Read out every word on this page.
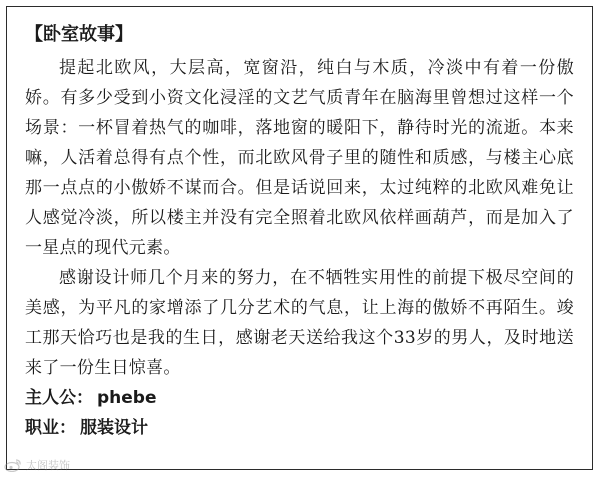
【卧室故事】

提起北欧风，大层高，宽窗沿，纯白与木质，冷淡中有着一份傲娇。有多少受到小资文化浸淫的文艺气质青年在脑海里曾想过这样一个场景：一杯冒着热气的咖啡，落地窗的暖阳下，静待时光的流逝。本来嘛，人活着总得有点个性，而北欧风骨子里的随性和质感，与楼主心底那一点点的小傲娇不谋而合。但是话说回来，太过纯粹的北欧风难免让人感觉冷淡，所以楼主并没有完全照着北欧风依样画葫芦，而是加入了一星点的现代元素。

感谢设计师几个月来的努力，在不牺牲实用性的前提下极尽空间的美感，为平凡的家增添了几分艺术的气息，让上海的傲娇不再陌生。竣工那天恰巧也是我的生日，感谢老天送给我这个33岁的男人，及时地送来了一份生日惊喜。

主人公： phebe
职业： 服装设计
太阁装饰
